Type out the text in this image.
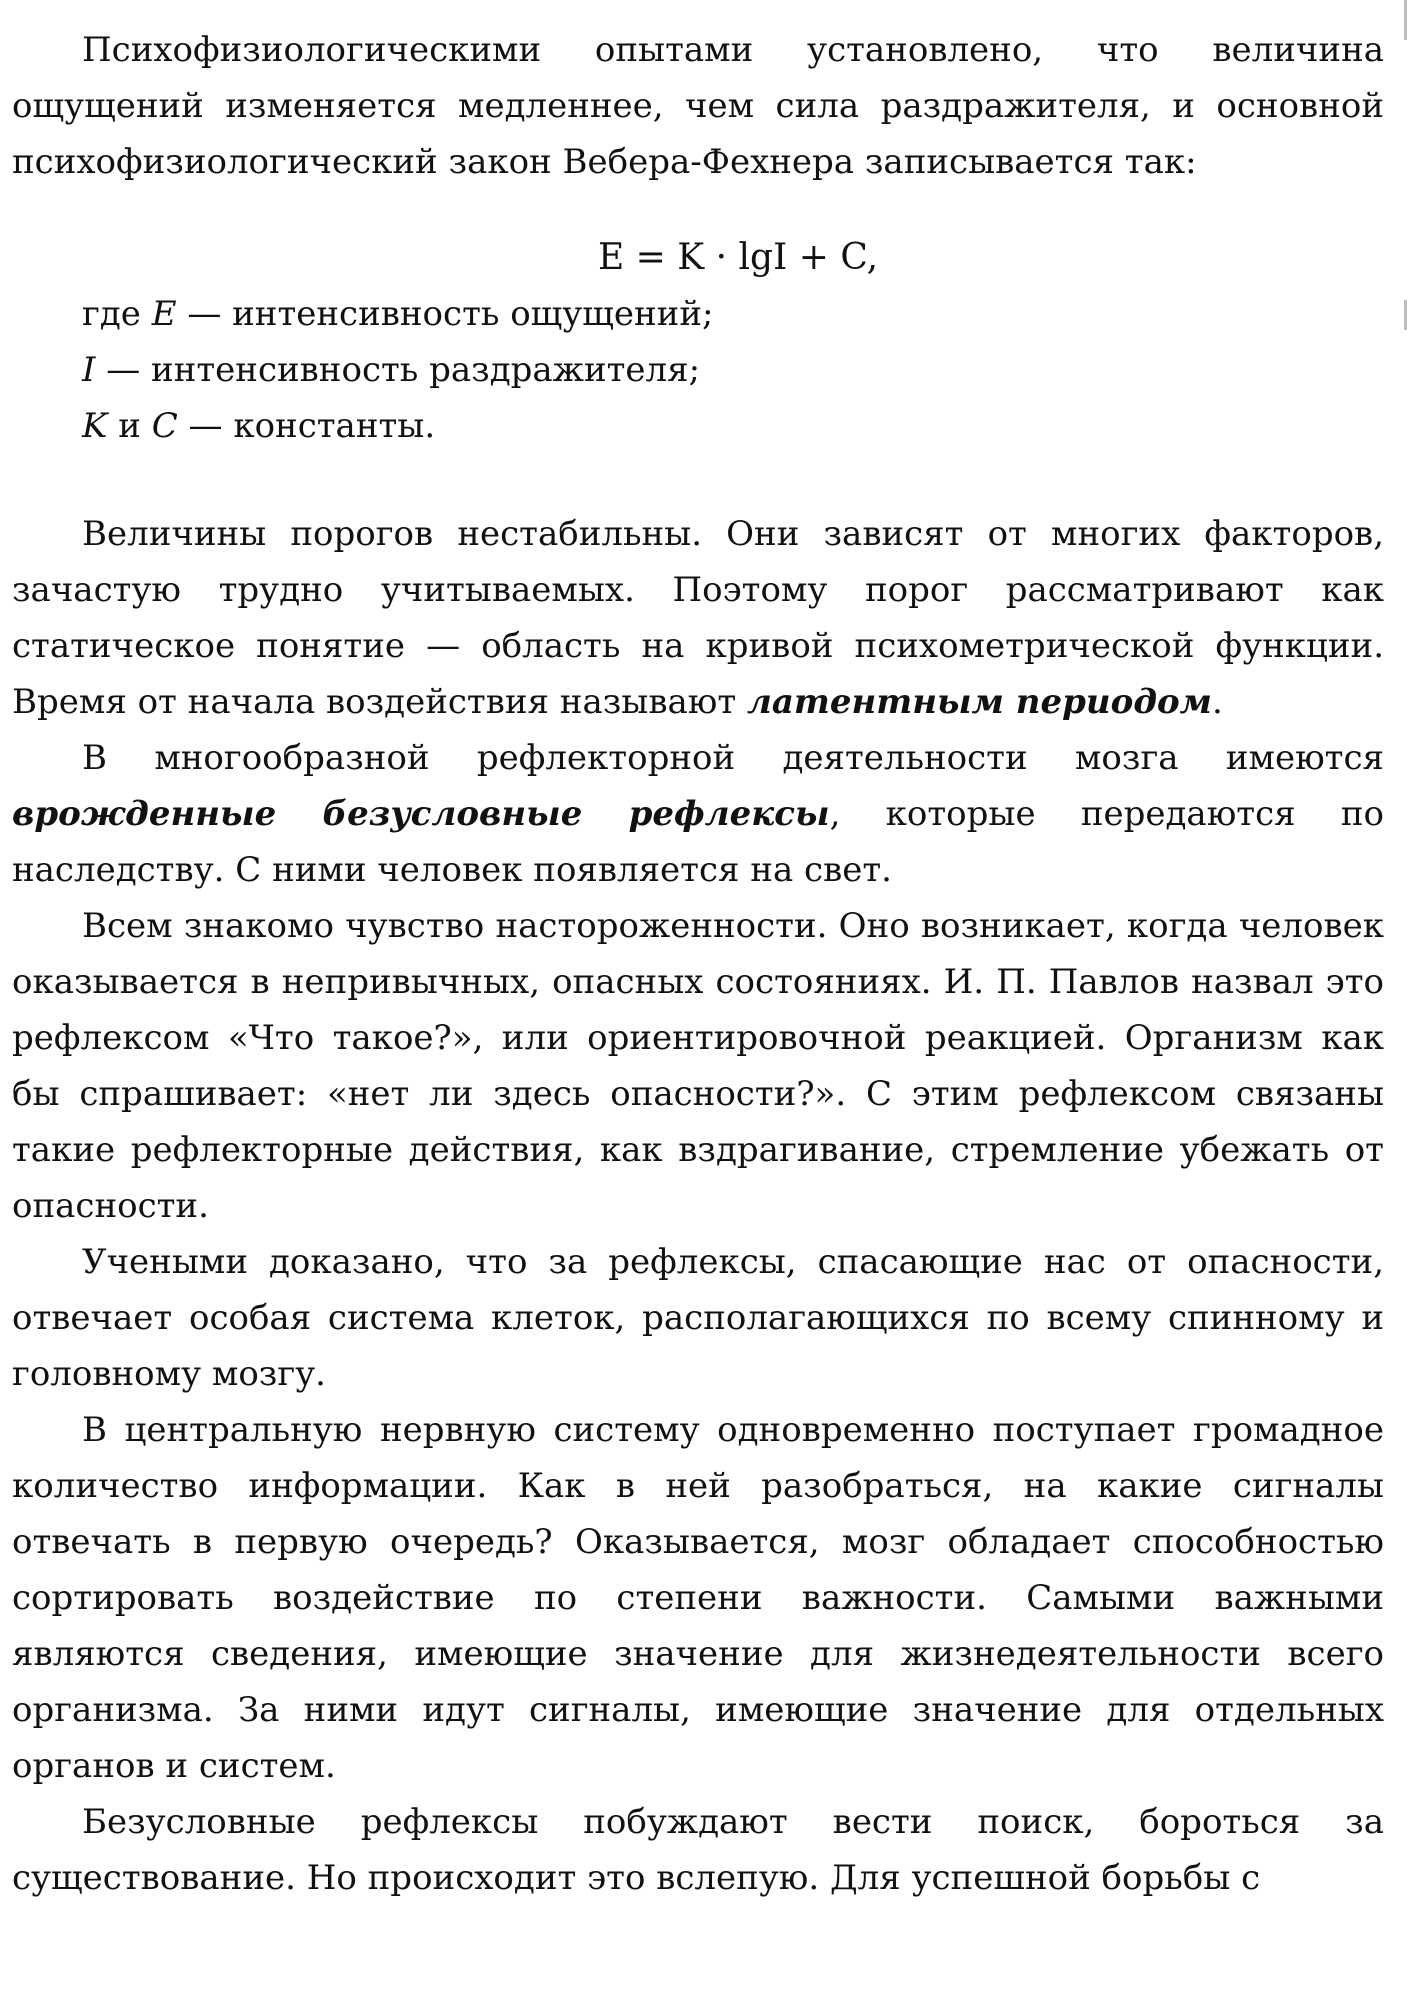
Психофизиологическими опытами установлено, что величина ощущений изменяется медленнее, чем сила раздражителя, и основной психофизиологический закон Вебера-Фехнера записывается так:

E = K · lgI + C,
где E — интенсивность ощущений;
I — интенсивность раздражителя;
K и C — константы.

Величины порогов нестабильны. Они зависят от многих факторов, зачастую трудно учитываемых. Поэтому порог рассматривают как статическое понятие — область на кривой психометрической функции. Время от начала воздействия называют латентным периодом.

В многообразной рефлекторной деятельности мозга имеются врожденные безусловные рефлексы, которые передаются по наследству. С ними человек появляется на свет.

Всем знакомо чувство настороженности. Оно возникает, когда человек оказывается в непривычных, опасных состояниях. И. П. Павлов назвал это рефлексом «Что такое?», или ориентировочной реакцией. Организм как бы спрашивает: «нет ли здесь опасности?». С этим рефлексом связаны такие рефлекторные действия, как вздрагивание, стремление убежать от опасности.

Учеными доказано, что за рефлексы, спасающие нас от опасности, отвечает особая система клеток, располагающихся по всему спинному и головному мозгу.

В центральную нервную систему одновременно поступает громадное количество информации. Как в ней разобраться, на какие сигналы отвечать в первую очередь? Оказывается, мозг обладает способностью сортировать воздействие по степени важности. Самыми важными являются сведения, имеющие значение для жизнедеятельности всего организма. За ними идут сигналы, имеющие значение для отдельных органов и систем.

Безусловные рефлексы побуждают вести поиск, бороться за существование. Но происходит это вслепую. Для успешной борьбы с
